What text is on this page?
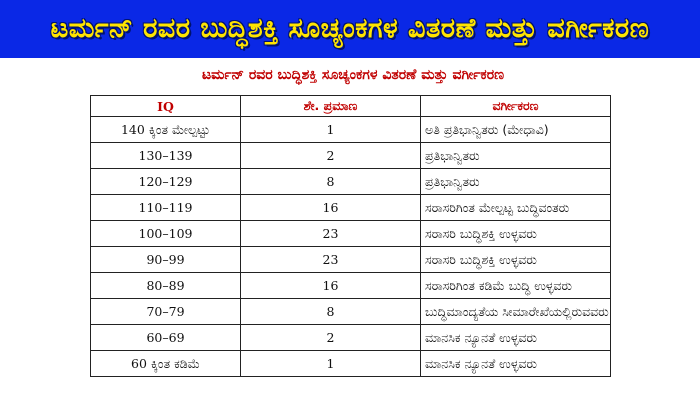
ಟರ್ಮನ್ ರವರ ಬುದ್ಧಿಶಕ್ತಿ ಸೂಚ್ಯಂಕಗಳ ವಿತರಣೆ ಮತ್ತು ವರ್ಗೀಕರಣ
ಟರ್ಮನ್ ರವರ ಬುದ್ಧಿಶಕ್ತಿ ಸೂಚ್ಯಂಕಗಳ ವಿತರಣೆ ಮತ್ತು ವರ್ಗೀಕರಣ
IQ	ಶೇ. ಪ್ರಮಾಣ	ವರ್ಗೀಕರಣ
140 ಕ್ಕಿಂತ ಮೇಲ್ಪಟ್ಟು	1	ಅತಿ ಪ್ರತಿಭಾನ್ವಿತರು (ಮೇಧಾವಿ)
130–139	2	ಪ್ರತಿಭಾನ್ವಿತರು
120–129	8	ಪ್ರತಿಭಾನ್ವಿತರು
110–119	16	ಸರಾಸರಿಗಿಂತ ಮೇಲ್ಪಟ್ಟ ಬುದ್ಧಿವಂತರು
100–109	23	ಸರಾಸರಿ ಬುದ್ಧಿಶಕ್ತಿ ಉಳ್ಳವರು
90–99	23	ಸರಾಸರಿ ಬುದ್ಧಿಶಕ್ತಿ ಉಳ್ಳವರು
80–89	16	ಸರಾಸರಿಗಿಂತ ಕಡಿಮೆ ಬುದ್ಧಿ ಉಳ್ಳವರು
70–79	8	ಬುದ್ಧಿಮಾಂದ್ಯತೆಯ ಸೀಮಾರೇಖೆಯಲ್ಲಿರುವವರು
60–69	2	ಮಾನಸಿಕ ನ್ಯೂನತೆ ಉಳ್ಳವರು
60 ಕ್ಕಿಂತ ಕಡಿಮೆ	1	ಮಾನಸಿಕ ನ್ಯೂನತೆ ಉಳ್ಳವರು
